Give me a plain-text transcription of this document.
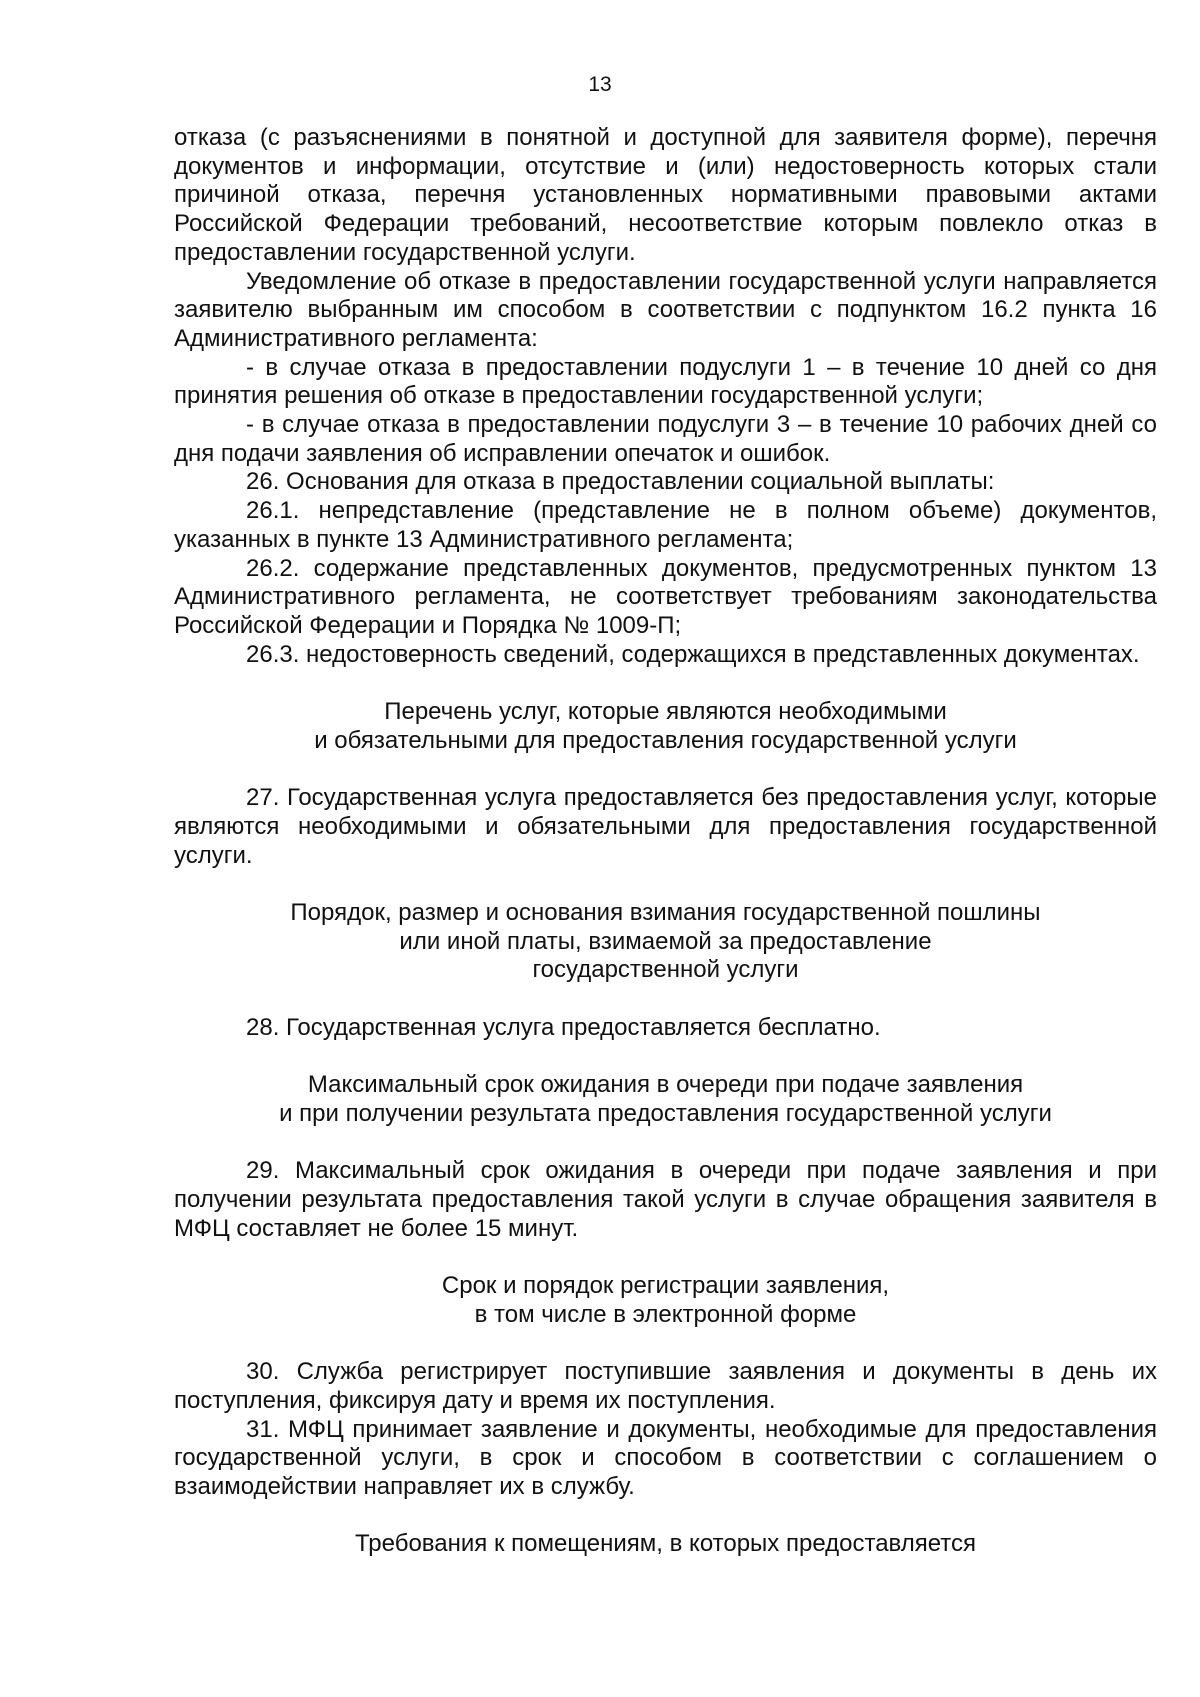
13

отказа (с разъяснениями в понятной и доступной для заявителя форме), перечня документов и информации, отсутствие и (или) недостоверность которых стали причиной отказа, перечня установленных нормативными правовыми актами Российской Федерации требований, несоответствие которым повлекло отказ в предоставлении государственной услуги.

Уведомление об отказе в предоставлении государственной услуги направляется заявителю выбранным им способом в соответствии с подпунктом 16.2 пункта 16 Административного регламента:

- в случае отказа в предоставлении подуслуги 1 – в течение 10 дней со дня принятия решения об отказе в предоставлении государственной услуги;

- в случае отказа в предоставлении подуслуги 3 – в течение 10 рабочих дней со дня подачи заявления об исправлении опечаток и ошибок.

26. Основания для отказа в предоставлении социальной выплаты:

26.1. непредставление (представление не в полном объеме) документов, указанных в пункте 13 Административного регламента;

26.2. содержание представленных документов, предусмотренных пунктом 13 Административного регламента, не соответствует требованиям законодательства Российской Федерации и Порядка № 1009-П;

26.3. недостоверность сведений, содержащихся в представленных документах.

Перечень услуг, которые являются необходимыми
и обязательными для предоставления государственной услуги

27. Государственная услуга предоставляется без предоставления услуг, которые являются необходимыми и обязательными для предоставления государственной услуги.

Порядок, размер и основания взимания государственной пошлины
или иной платы, взимаемой за предоставление
государственной услуги

28. Государственная услуга предоставляется бесплатно.

Максимальный срок ожидания в очереди при подаче заявления
и при получении результата предоставления государственной услуги

29. Максимальный срок ожидания в очереди при подаче заявления и при получении результата предоставления такой услуги в случае обращения заявителя в МФЦ составляет не более 15 минут.

Срок и порядок регистрации заявления,
в том числе в электронной форме

30. Служба регистрирует поступившие заявления и документы в день их поступления, фиксируя дату и время их поступления.

31. МФЦ принимает заявление и документы, необходимые для предоставления государственной услуги, в срок и способом в соответствии с соглашением о взаимодействии направляет их в службу.

Требования к помещениям, в которых предоставляется
